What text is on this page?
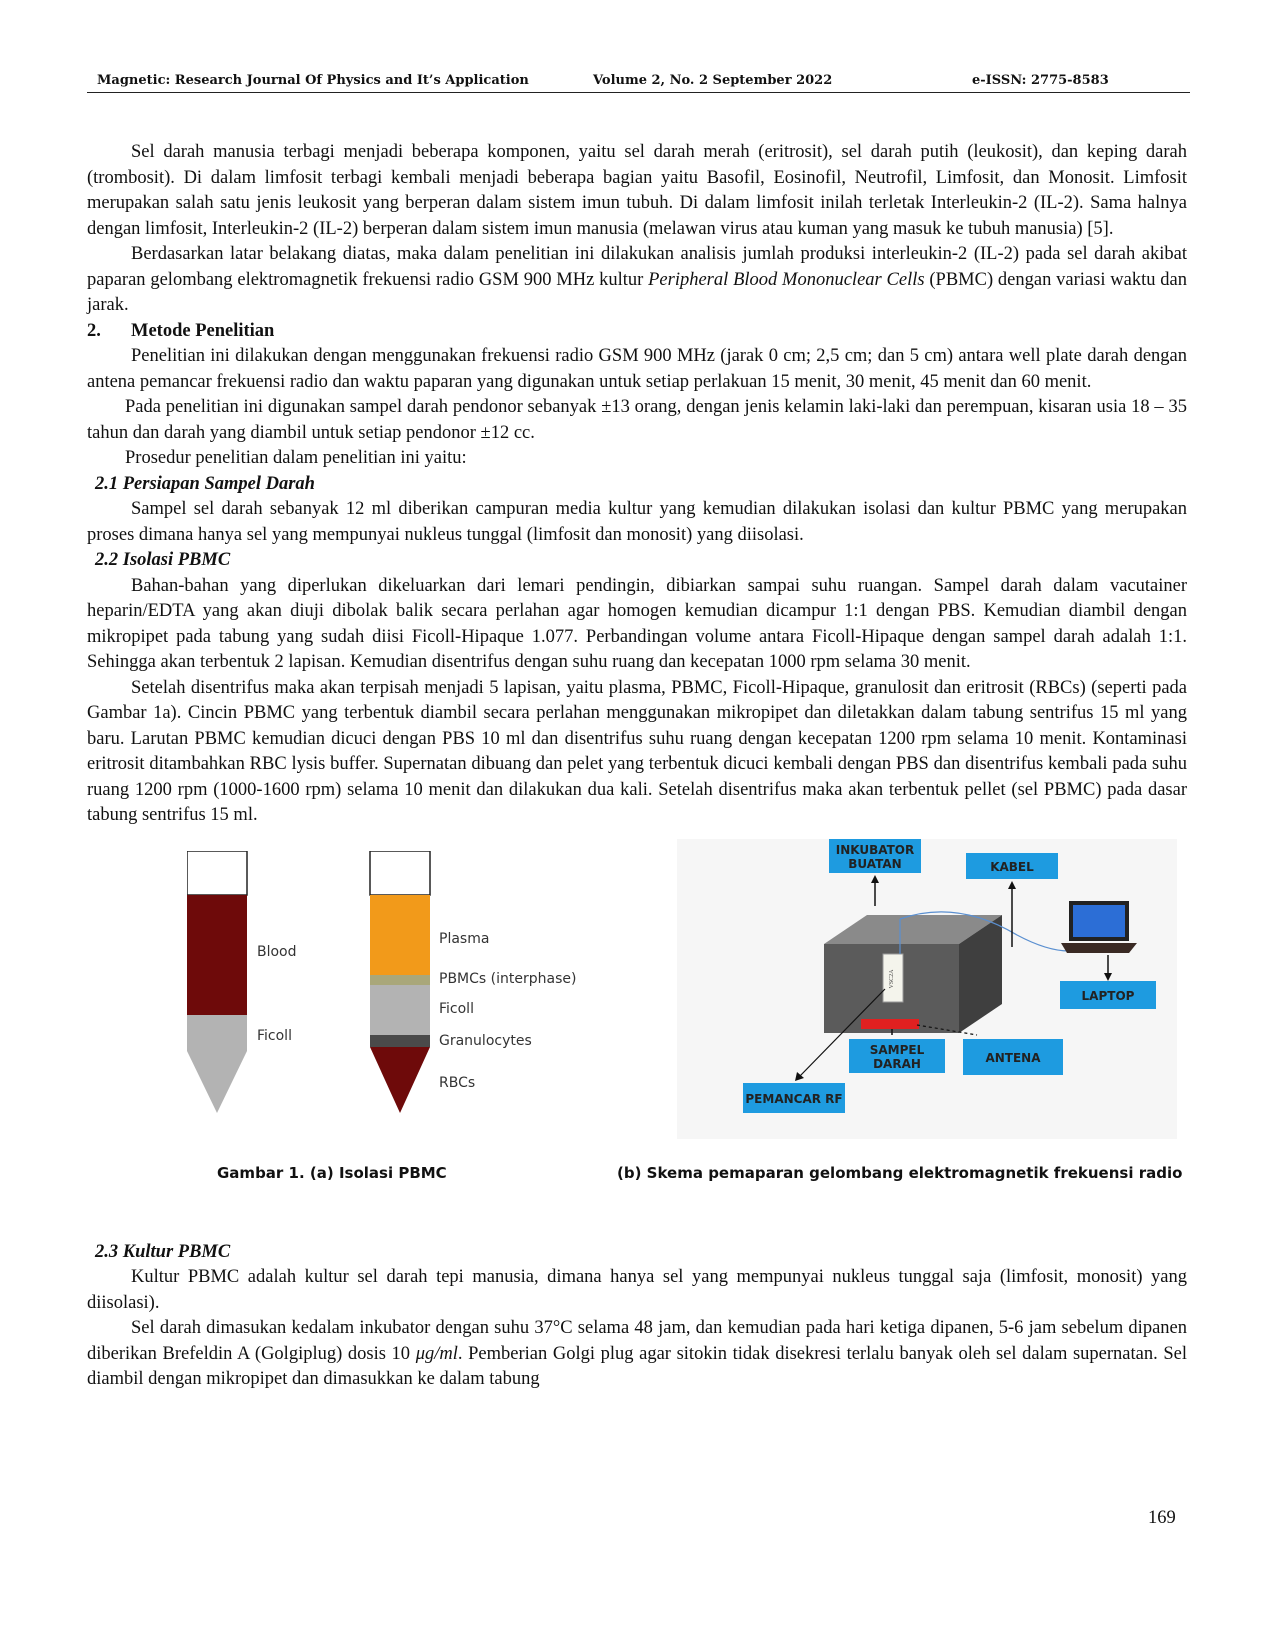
Magnetic: Research Journal Of Physics and It’s Application	Volume 2, No. 2 September 2022	e-ISSN: 2775-8583

Sel darah manusia terbagi menjadi beberapa komponen, yaitu sel darah merah (eritrosit), sel darah putih (leukosit), dan keping darah (trombosit). Di dalam limfosit terbagi kembali menjadi beberapa bagian yaitu Basofil, Eosinofil, Neutrofil, Limfosit, dan Monosit. Limfosit merupakan salah satu jenis leukosit yang berperan dalam sistem imun tubuh. Di dalam limfosit inilah terletak Interleukin-2 (IL-2). Sama halnya dengan limfosit, Interleukin-2 (IL-2) berperan dalam sistem imun manusia (melawan virus atau kuman yang masuk ke tubuh manusia) [5].

Berdasarkan latar belakang diatas, maka dalam penelitian ini dilakukan analisis jumlah produksi interleukin-2 (IL-2) pada sel darah akibat paparan gelombang elektromagnetik frekuensi radio GSM 900 MHz kultur Peripheral Blood Mononuclear Cells (PBMC) dengan variasi waktu dan jarak.

2. Metode Penelitian

Penelitian ini dilakukan dengan menggunakan frekuensi radio GSM 900 MHz (jarak 0 cm; 2,5 cm; dan 5 cm) antara well plate darah dengan antena pemancar frekuensi radio dan waktu paparan yang digunakan untuk setiap perlakuan 15 menit, 30 menit, 45 menit dan 60 menit.

Pada penelitian ini digunakan sampel darah pendonor sebanyak ±13 orang, dengan jenis kelamin laki-laki dan perempuan, kisaran usia 18 – 35 tahun dan darah yang diambil untuk setiap pendonor ±12 cc.

Prosedur penelitian dalam penelitian ini yaitu:

2.1 Persiapan Sampel Darah

Sampel sel darah sebanyak 12 ml diberikan campuran media kultur yang kemudian dilakukan isolasi dan kultur PBMC yang merupakan proses dimana hanya sel yang mempunyai nukleus tunggal (limfosit dan monosit) yang diisolasi.

2.2 Isolasi PBMC

Bahan-bahan yang diperlukan dikeluarkan dari lemari pendingin, dibiarkan sampai suhu ruangan. Sampel darah dalam vacutainer heparin/EDTA yang akan diuji dibolak balik secara perlahan agar homogen kemudian dicampur 1:1 dengan PBS. Kemudian diambil dengan mikropipet pada tabung yang sudah diisi Ficoll-Hipaque 1.077. Perbandingan volume antara Ficoll-Hipaque dengan sampel darah adalah 1:1. Sehingga akan terbentuk 2 lapisan. Kemudian disentrifus dengan suhu ruang dan kecepatan 1000 rpm selama 30 menit.

Setelah disentrifus maka akan terpisah menjadi 5 lapisan, yaitu plasma, PBMC, Ficoll-Hipaque, granulosit dan eritrosit (RBCs) (seperti pada Gambar 1a). Cincin PBMC yang terbentuk diambil secara perlahan menggunakan mikropipet dan diletakkan dalam tabung sentrifus 15 ml yang baru. Larutan PBMC kemudian dicuci dengan PBS 10 ml dan disentrifus suhu ruang dengan kecepatan 1200 rpm selama 10 menit. Kontaminasi eritrosit ditambahkan RBC lysis buffer. Supernatan dibuang dan pelet yang terbentuk dicuci kembali dengan PBS dan disentrifus kembali pada suhu ruang 1200 rpm (1000-1600 rpm) selama 10 menit dan dilakukan dua kali. Setelah disentrifus maka akan terbentuk pellet (sel PBMC) pada dasar tabung sentrifus 15 ml.

Blood
Ficoll
Plasma
PBMCs (interphase)
Ficoll
Granulocytes
RBCs
VSC2A
INKUBATOR
BUATAN	KABEL
LAPTOP
SAMPEL
DARAH	ANTENA
PEMANCAR RF
Gambar 1. (a) Isolasi PBMC	(b) Skema pemaparan gelombang elektromagnetik frekuensi radio

2.3 Kultur PBMC

Kultur PBMC adalah kultur sel darah tepi manusia, dimana hanya sel yang mempunyai nukleus tunggal saja (limfosit, monosit) yang diisolasi).

Sel darah dimasukan kedalam inkubator dengan suhu 37°C selama 48 jam, dan kemudian pada hari ketiga dipanen, 5-6 jam sebelum dipanen diberikan Brefeldin A (Golgiplug) dosis 10 μg/ml. Pemberian Golgi plug agar sitokin tidak disekresi terlalu banyak oleh sel dalam supernatan. Sel diambil dengan mikropipet dan dimasukkan ke dalam tabung

169
